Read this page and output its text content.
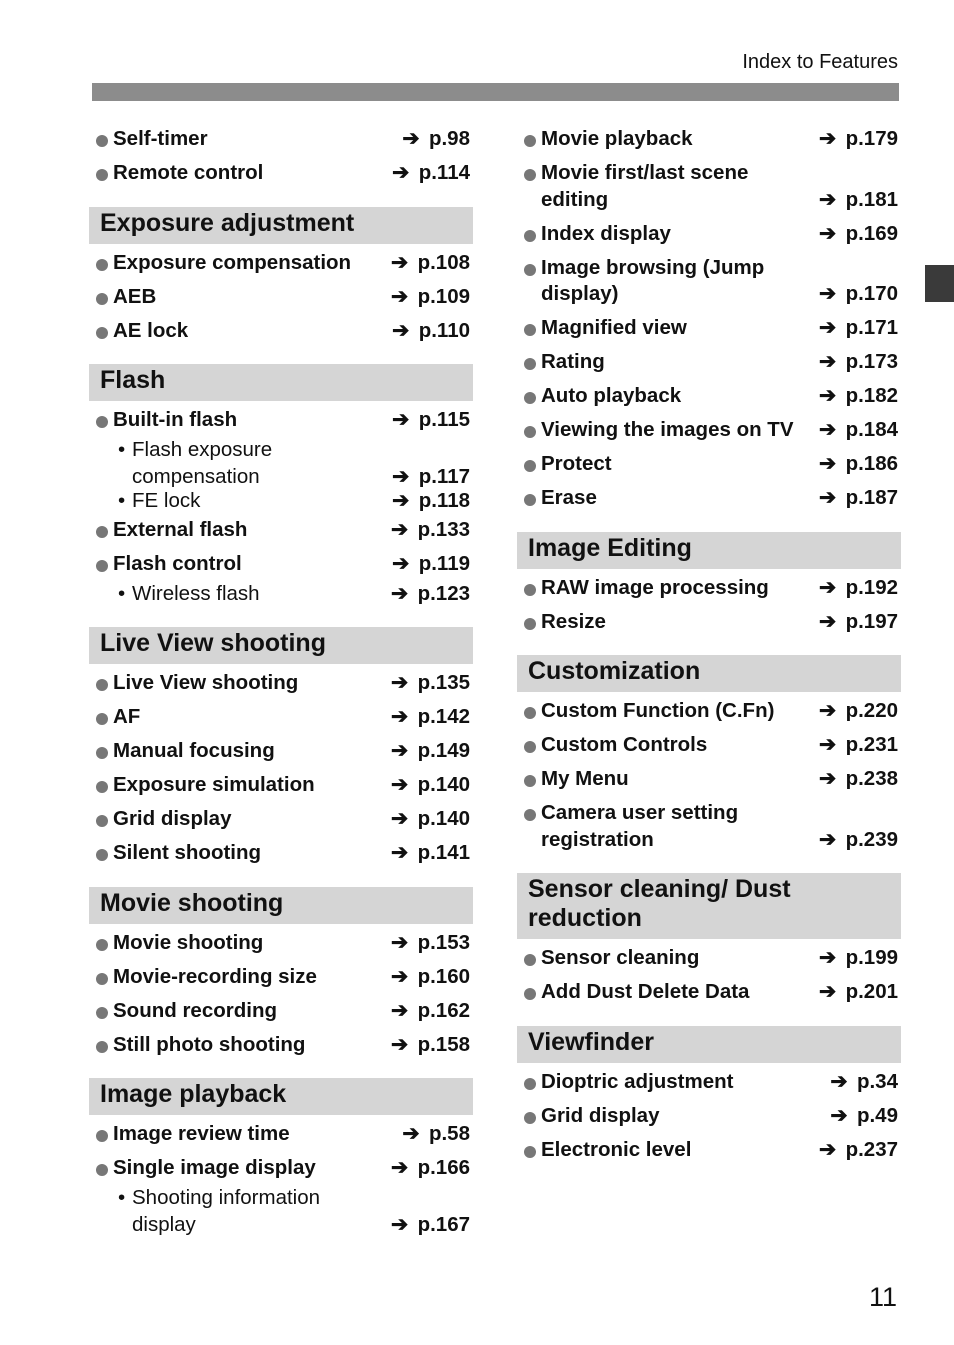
Index to Features
Self-timer	➔ p.98
Remote control	➔ p.114
Exposure adjustment
Exposure compensation	➔ p.108
AEB	➔ p.109
AE lock	➔ p.110
Flash
Built-in flash	➔ p.115
• Flash exposure compensation	➔ p.117
• FE lock	➔ p.118
External flash	➔ p.133
Flash control	➔ p.119
• Wireless flash	➔ p.123
Live View shooting
Live View shooting	➔ p.135
AF	➔ p.142
Manual focusing	➔ p.149
Exposure simulation	➔ p.140
Grid display	➔ p.140
Silent shooting	➔ p.141
Movie shooting
Movie shooting	➔ p.153
Movie-recording size	➔ p.160
Sound recording	➔ p.162
Still photo shooting	➔ p.158
Image playback
Image review time	➔ p.58
Single image display	➔ p.166
• Shooting information display	➔ p.167
Movie playback	➔ p.179
Movie first/last scene editing	➔ p.181
Index display	➔ p.169
Image browsing (Jump display)	➔ p.170
Magnified view	➔ p.171
Rating	➔ p.173
Auto playback	➔ p.182
Viewing the images on TV	➔ p.184
Protect	➔ p.186
Erase	➔ p.187
Image Editing
RAW image processing	➔ p.192
Resize	➔ p.197
Customization
Custom Function (C.Fn)	➔ p.220
Custom Controls	➔ p.231
My Menu	➔ p.238
Camera user setting registration	➔ p.239
Sensor cleaning/ Dust reduction
Sensor cleaning	➔ p.199
Add Dust Delete Data	➔ p.201
Viewfinder
Dioptric adjustment	➔ p.34
Grid display	➔ p.49
Electronic level	➔ p.237
11
